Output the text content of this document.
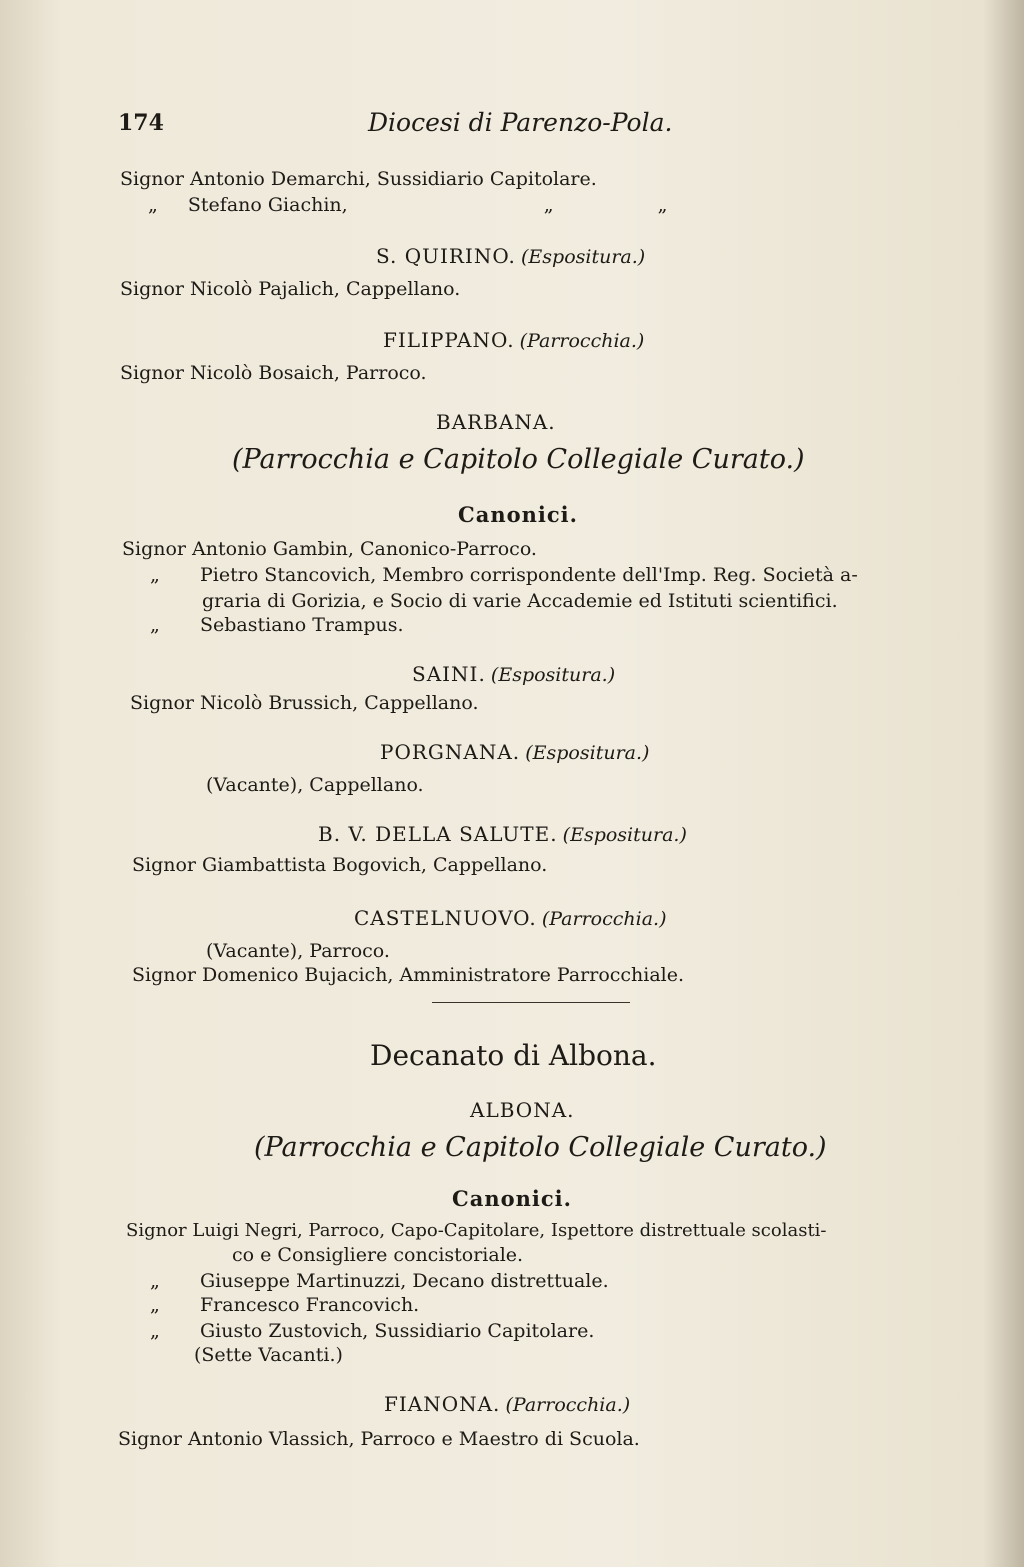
174	Diocesi di Parenzo-Pola.
Signor Antonio Demarchi, Sussidiario Capitolare.
„ Stefano Giachin,	„	„
S. QUIRINO. (Espositura.)
Signor Nicolò Pajalich, Cappellano.
FILIPPANO. (Parrocchia.)
Signor Nicolò Bosaich, Parroco.
BARBANA.
(Parrocchia e Capitolo Collegiale Curato.)
Canonici.
Signor Antonio Gambin, Canonico-Parroco.
„ Pietro Stancovich, Membro corrispondente dell'Imp. Reg. Società a-
graria di Gorizia, e Socio di varie Accademie ed Istituti scientifici.
„ Sebastiano Trampus.
SAINI. (Espositura.)
Signor Nicolò Brussich, Cappellano.
PORGNANA. (Espositura.)
(Vacante), Cappellano.
B. V. DELLA SALUTE. (Espositura.)
Signor Giambattista Bogovich, Cappellano.
CASTELNUOVO. (Parrocchia.)
(Vacante), Parroco.
Signor Domenico Bujacich, Amministratore Parrocchiale.
Decanato di Albona.
ALBONA.
(Parrocchia e Capitolo Collegiale Curato.)
Canonici.
Signor Luigi Negri, Parroco, Capo-Capitolare, Ispettore distrettuale scolasti-
co e Consigliere concistoriale.
„ Giuseppe Martinuzzi, Decano distrettuale.
„ Francesco Francovich.
„ Giusto Zustovich, Sussidiario Capitolare.
(Sette Vacanti.)
FIANONA. (Parrocchia.)
Signor Antonio Vlassich, Parroco e Maestro di Scuola.
